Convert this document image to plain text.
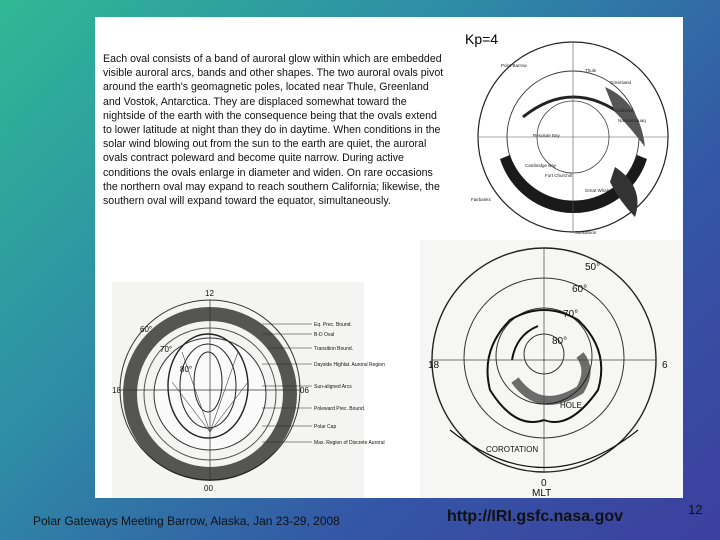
Greenland
Thule
Godhavn
Narssarssuaq
Fort Churchill
Great Whale
Saskatoon
Fairbanks
Point Barrow
Resolute Bay
Cambridge Bay
Kp=4
Each oval consists of a band of auroral glow within which are embedded visible auroral arcs, bands and other shapes. The two auroral ovals pivot around the earth's geomagnetic poles, located near Thule, Greenland and Vostok, Antarctica. They are displaced somewhat toward the nightside of the earth with the consequence being that the ovals extend to lower latitude at night than they do in daytime. When conditions in the solar wind blowing out from the sun to the earth are quiet, the auroral ovals contract poleward and become quite narrow. During active conditions the ovals enlarge in diameter and widen. On rare occasions the northern oval may expand to reach southern California; likewise, the southern oval will expand toward the equator, simultaneously.
Eq. Prec. Bound.
B-D Oval
Transition Bound.
Dayside Highlat. Auroral Region
Sun-aligned Arcs
Poleward Prec. Bound.
Polar Cap
Max. Region of Discrete Auroral
12
18	06
00
60°
70°
80°
50°
60°
70°
80°
18	6
0
MLT
HOLE
COROTATION
Polar Gateways Meeting Barrow, Alaska, Jan 23-29, 2008	http://IRI.gsfc.nasa.gov	12
